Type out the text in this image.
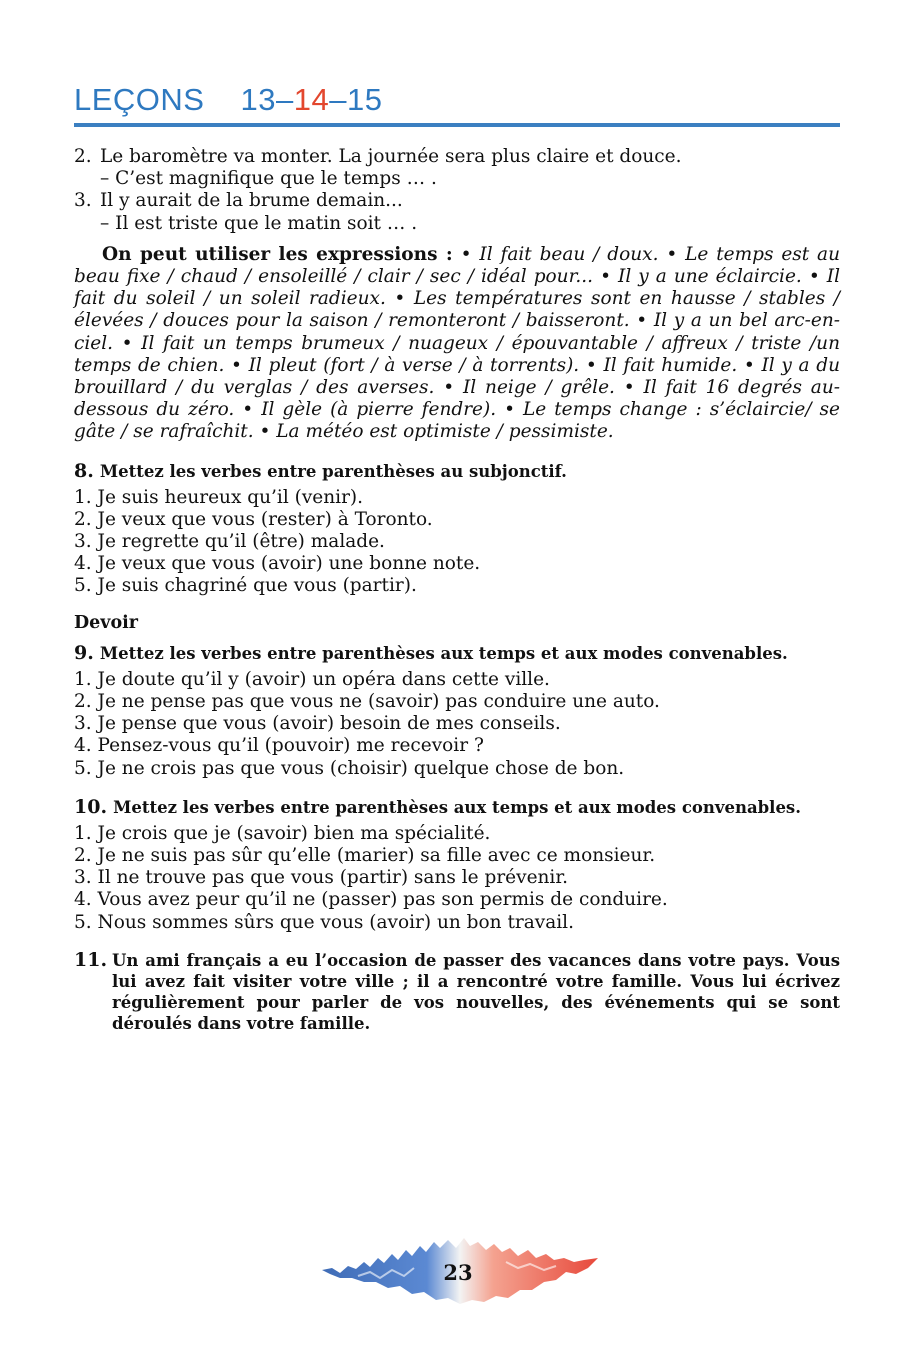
LEÇONS 13–14–15
2. Le baromètre va monter. La journée sera plus claire et douce.
– C’est magnifique que le temps … .
3. Il y aurait de la brume demain...
– Il est triste que le matin soit … .
On peut utiliser les expressions : • Il fait beau / doux. • Le temps est au beau fixe / chaud / ensoleillé / clair / sec / idéal pour... • Il y a une éclaircie. • Il fait du soleil / un soleil radieux. • Les températures sont en hausse / stables / élevées / douces pour la saison / remonteront / baisseront. • Il y a un bel arc-en-ciel. • Il fait un temps brumeux / nuageux / épouvantable / affreux / triste /un temps de chien. • Il pleut (fort / à verse / à torrents). • Il fait humide. • Il y a du brouillard / du verglas / des averses. • Il neige / grêle. • Il fait 16 degrés au-dessous du zéro. • Il gèle (à pierre fendre). • Le temps change : s’éclaircie/ se gâte / se rafraîchit. • La météo est optimiste / pessimiste.
8. Mettez les verbes entre parenthèses au subjonctif.
1. Je suis heureux qu’il (venir).
2. Je veux que vous (rester) à Toronto.
3. Je regrette qu’il (être) malade.
4. Je veux que vous (avoir) une bonne note.
5. Je suis chagriné que vous (partir).
Devoir
9. Mettez les verbes entre parenthèses aux temps et aux modes convenables.
1. Je doute qu’il y (avoir) un opéra dans cette ville.
2. Je ne pense pas que vous ne (savoir) pas conduire une auto.
3. Je pense que vous (avoir) besoin de mes conseils.
4. Pensez-vous qu’il (pouvoir) me recevoir ?
5. Je ne crois pas que vous (choisir) quelque chose de bon.
10. Mettez les verbes entre parenthèses aux temps et aux modes convenables.
1. Je crois que je (savoir) bien ma spécialité.
2. Je ne suis pas sûr qu’elle (marier) sa fille avec ce monsieur.
3. Il ne trouve pas que vous (partir) sans le prévenir.
4. Vous avez peur qu’il ne (passer) pas son permis de conduire.
5. Nous sommes sûrs que vous (avoir) un bon travail.
11. Un ami français a eu l’occasion de passer des vacances dans votre pays. Vous lui avez fait visiter votre ville ; il a rencontré votre famille. Vous lui écrivez régulièrement pour parler de vos nouvelles, des événements qui se sont déroulés dans votre famille.
23
